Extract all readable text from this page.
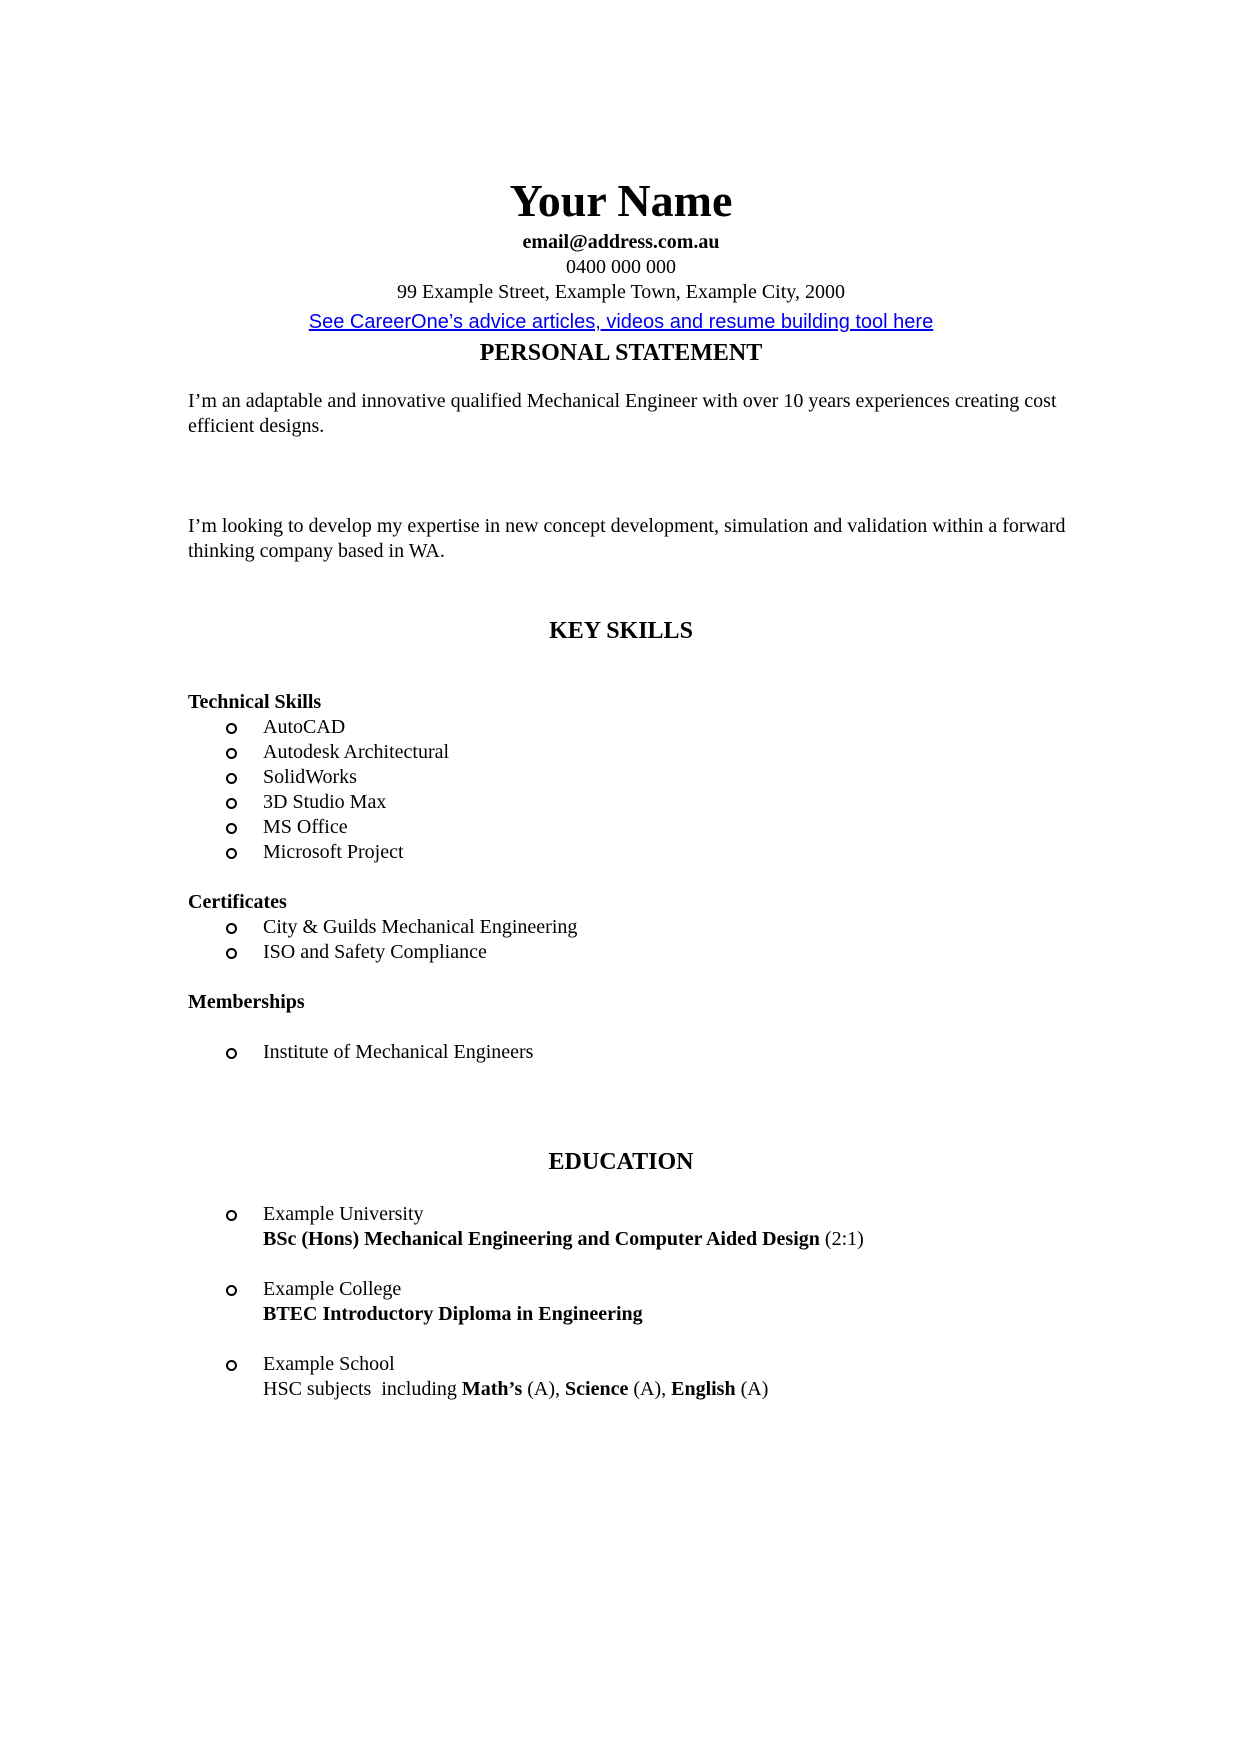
Your Name
email@address.com.au
0400 000 000
99 Example Street, Example Town, Example City, 2000
See CareerOne’s advice articles, videos and resume building tool here
PERSONAL STATEMENT
I’m an adaptable and innovative qualified Mechanical Engineer with over 10 years experiences creating cost efficient designs.
I’m looking to develop my expertise in new concept development, simulation and validation within a forward thinking company based in WA.
KEY SKILLS
Technical Skills
AutoCAD
Autodesk Architectural
SolidWorks
3D Studio Max
MS Office
Microsoft Project
Certificates
City & Guilds Mechanical Engineering
ISO and Safety Compliance
Memberships
Institute of Mechanical Engineers
EDUCATION
Example University
BSc (Hons) Mechanical Engineering and Computer Aided Design (2:1)
Example College
BTEC Introductory Diploma in Engineering
Example School
HSC subjects  including Math’s (A), Science (A), English (A)
